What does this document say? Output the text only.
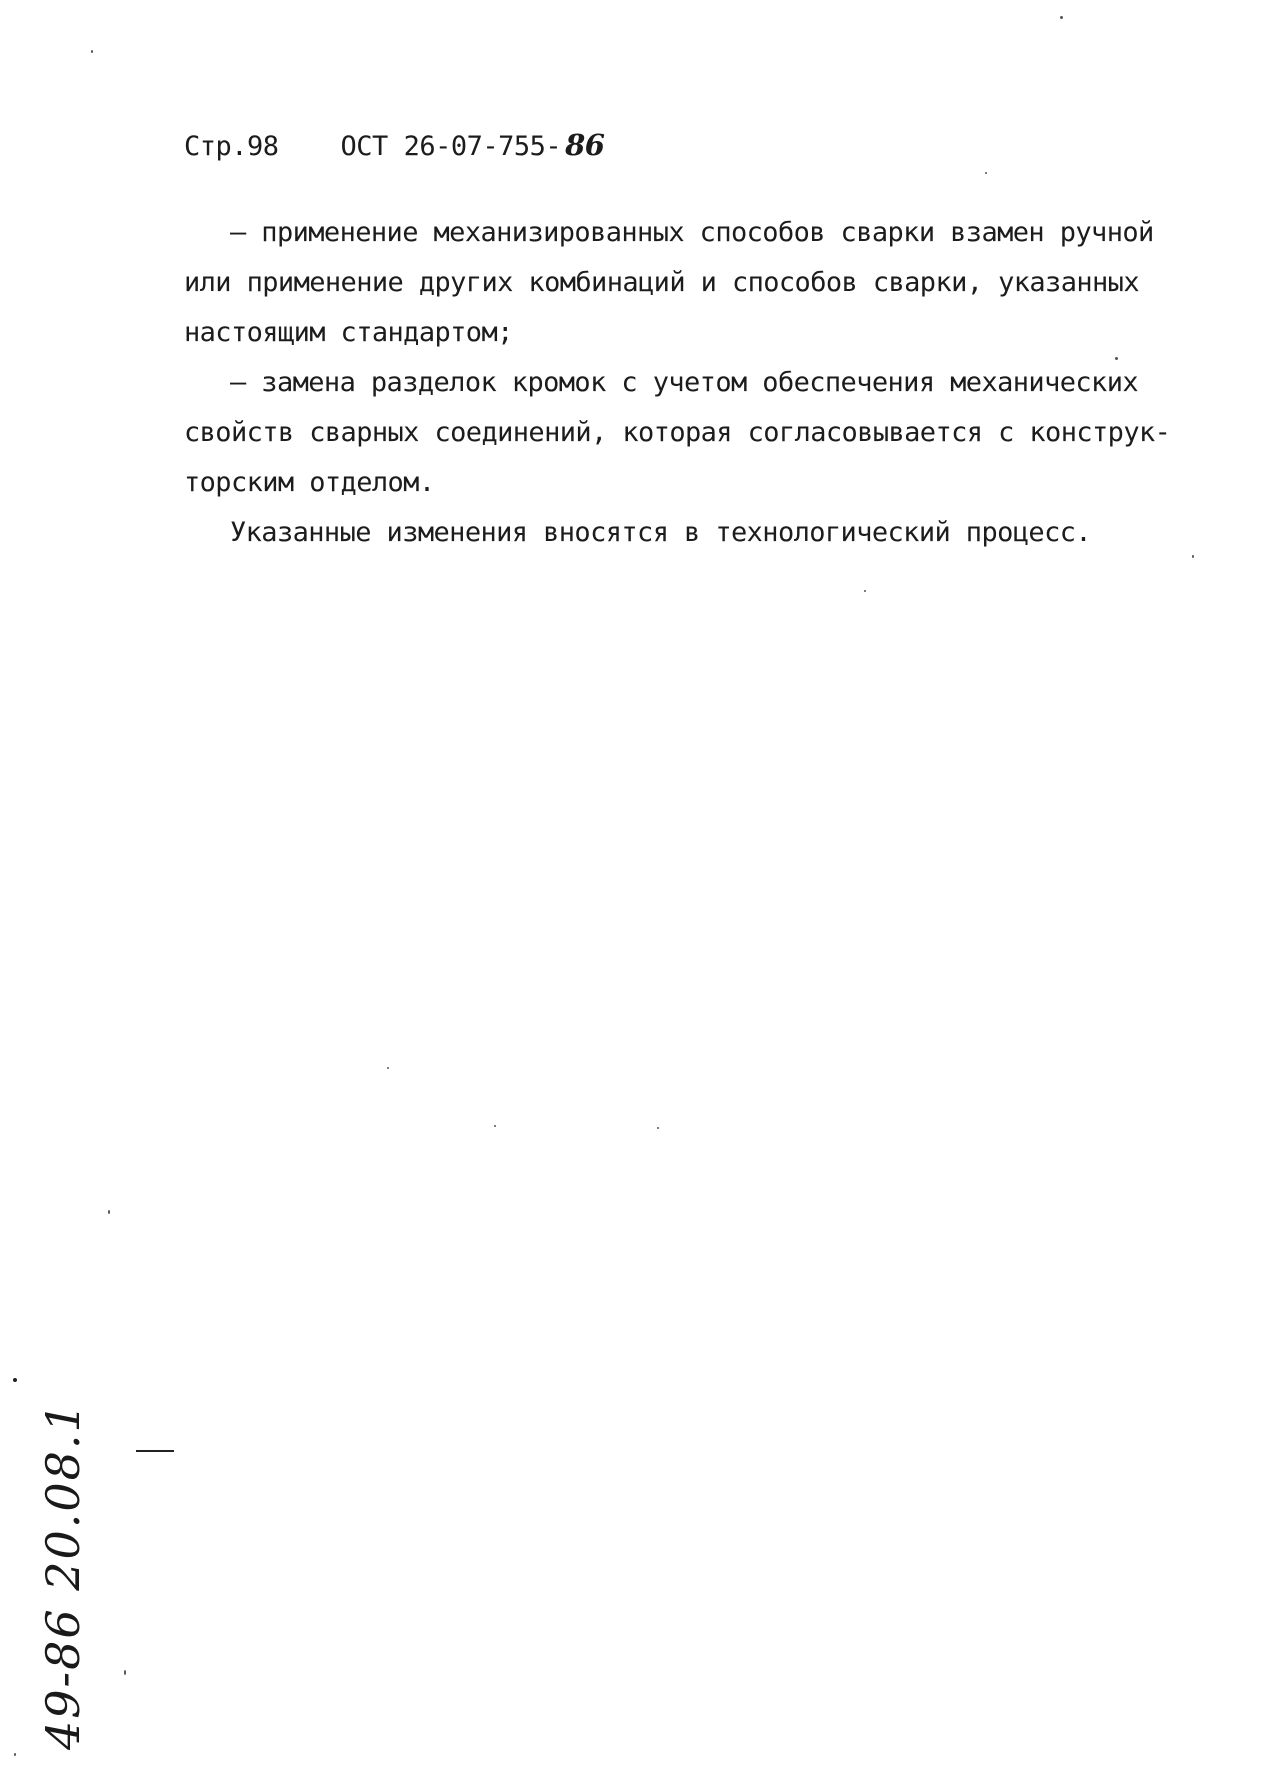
Стр.98 ОСТ 26-07-755- 86
– применение механизированных способов сварки взамен ручной
или применение других комбинаций и способов сварки, указанных
настоящим стандартом;
– замена разделок кромок с учетом обеспечения механических
свойств сварных соединений, которая согласовывается с конструк-
торским отделом.
Указанные изменения вносятся в технологический процесс.
49-86 20.08.1
